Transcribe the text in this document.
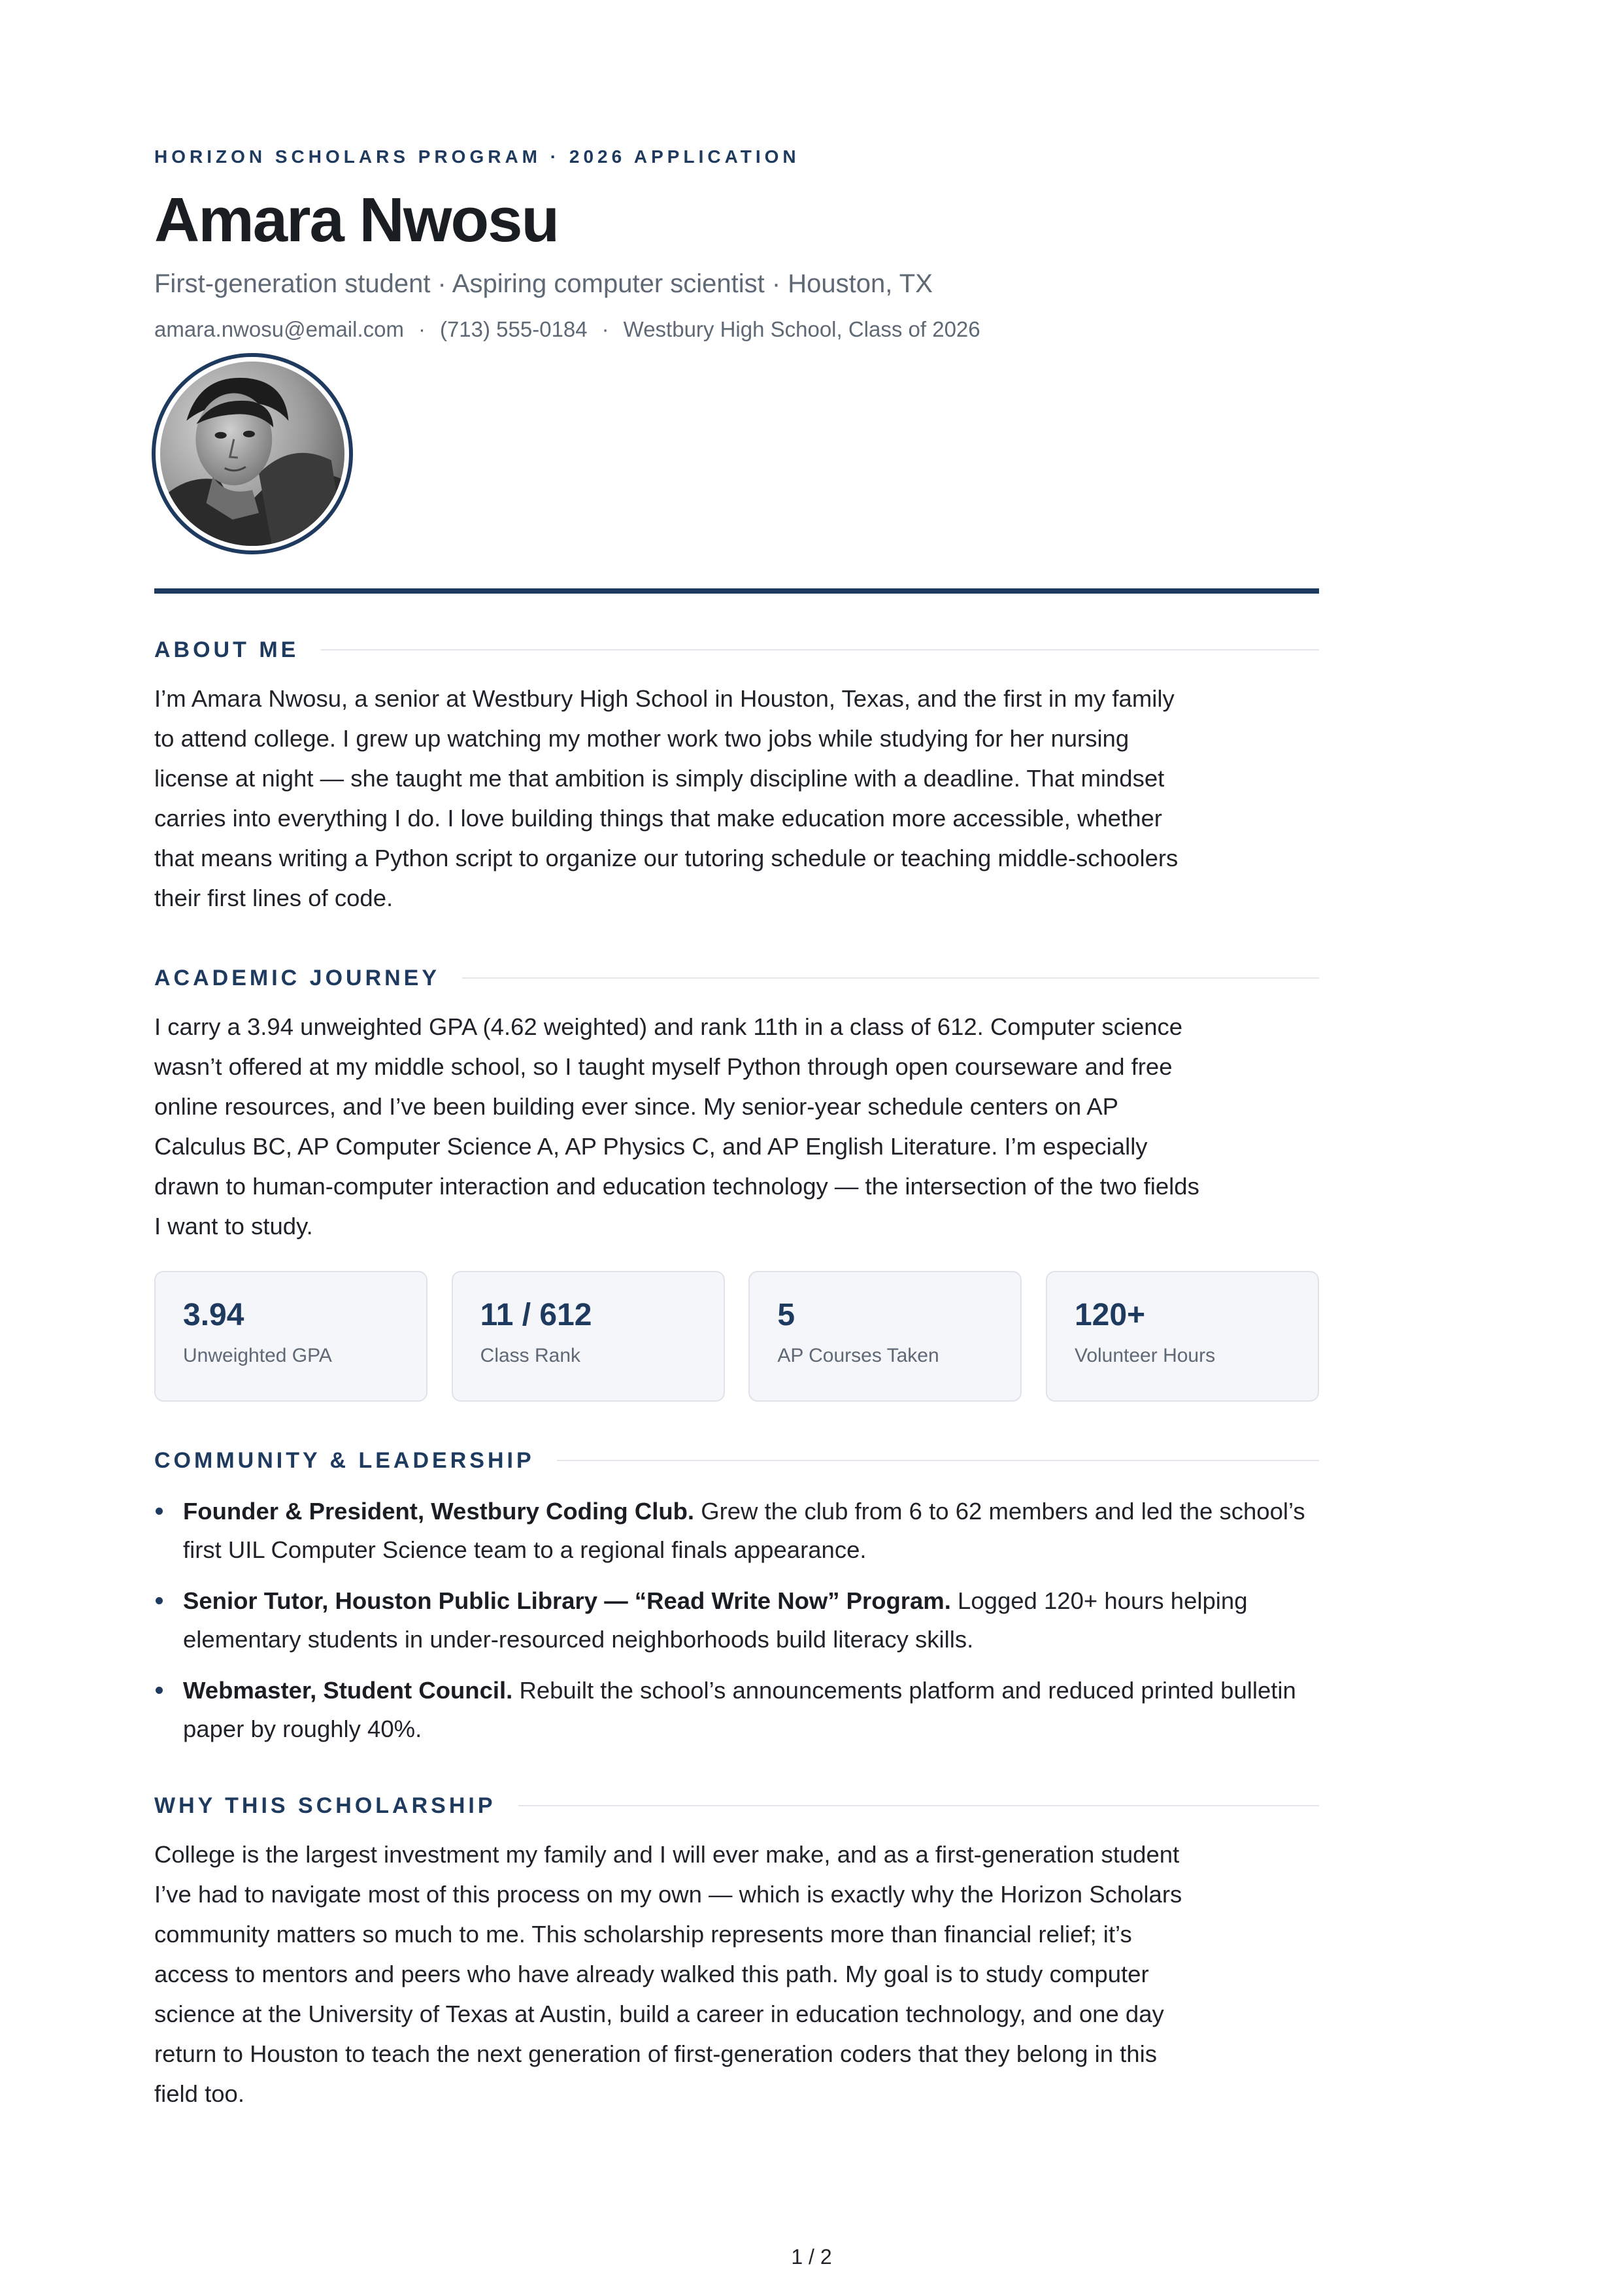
HORIZON SCHOLARS PROGRAM · 2026 APPLICATION

Amara Nwosu

First-generation student · Aspiring computer scientist · Houston, TX

amara.nwosu@email.com · (713) 555-0184 · Westbury High School, Class of 2026
ABOUT ME

I’m Amara Nwosu, a senior at Westbury High School in Houston, Texas, and the first in my family to attend college. I grew up watching my mother work two jobs while studying for her nursing license at night — she taught me that ambition is simply discipline with a deadline. That mindset carries into everything I do. I love building things that make education more accessible, whether that means writing a Python script to organize our tutoring schedule or teaching middle-schoolers their first lines of code.

ACADEMIC JOURNEY

I carry a 3.94 unweighted GPA (4.62 weighted) and rank 11th in a class of 612. Computer science wasn’t offered at my middle school, so I taught myself Python through open courseware and free online resources, and I’ve been building ever since. My senior-year schedule centers on AP Calculus BC, AP Computer Science A, AP Physics C, and AP English Literature. I’m especially drawn to human-computer interaction and education technology — the intersection of the two fields I want to study.

3.94
Unweighted GPA
11 / 612
Class Rank
5
AP Courses Taken
120+
Volunteer Hours
COMMUNITY & LEADERSHIP
Founder & President, Westbury Coding Club. Grew the club from 6 to 62 members and led the school’s first UIL Computer Science team to a regional finals appearance.
Senior Tutor, Houston Public Library — “Read Write Now” Program. Logged 120+ hours helping elementary students in under-resourced neighborhoods build literacy skills.
Webmaster, Student Council. Rebuilt the school’s announcements platform and reduced printed bulletin paper by roughly 40%.
WHY THIS SCHOLARSHIP

College is the largest investment my family and I will ever make, and as a first-generation student I’ve had to navigate most of this process on my own — which is exactly why the Horizon Scholars community matters so much to me. This scholarship represents more than financial relief; it’s access to mentors and peers who have already walked this path. My goal is to study computer science at the University of Texas at Austin, build a career in education technology, and one day return to Houston to teach the next generation of first-generation coders that they belong in this field too.

1 / 2
